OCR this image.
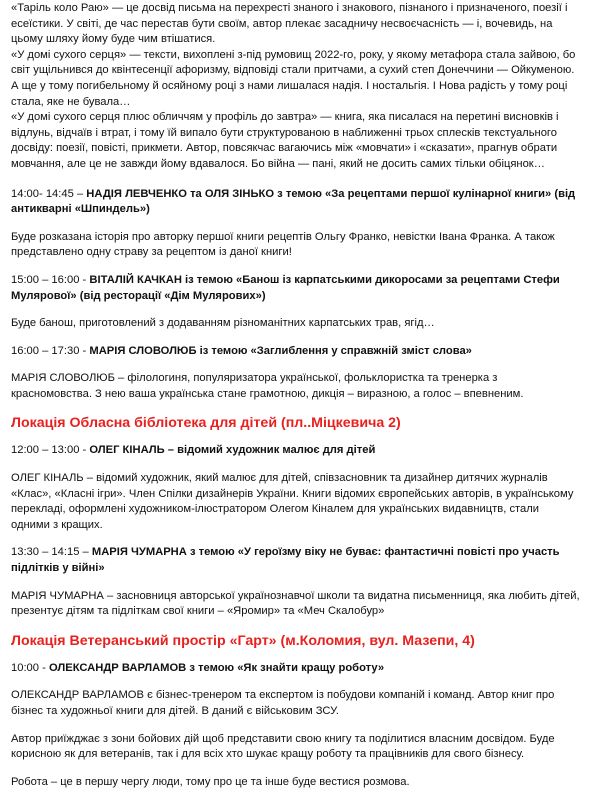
«Таріль коло Раю» — це досвід письма на перехресті знаного і знакового, пізнаного і призначеного, поезії і есеїстики. У світі, де час перестав бути своїм, автор плекає засадничу несвоєчасність — і, вочевидь, на цьому шляху йому буде чим втішатися.

«У домі сухого серця» — тексти, вихоплені з-під румовищ 2022-го, року, у якому метафора стала зайвою, бо світ ущільнився до квінтесенції афоризму, відповіді стали притчами, а сухий степ Донеччини — Ойкуменою. А ще у тому погибельному й осяйному році з нами лишалася надія. І ностальгія. І Нова радість у тому році стала, яке не бувала…

«У домі сухого серця плюс обличчям у профіль до завтра» — книга, яка писалася на перетині висновків і відлунь, відчаїв і втрат, і тому їй випало бути структурованою в наближенні трьох сплесків текстуального досвіду: поезії, повісті, прикмети. Автор, повсякчас вагаючись між «мовчати» і «сказати», прагнув обрати мовчання, але це не завжди йому вдавалося. Бо війна — пані, який не досить самих тільки обіцянок…

14:00- 14:45 – НАДІЯ ЛЕВЧЕНКО та ОЛЯ ЗІНЬКО з темою «За рецептами першої кулінарної книги» (від антикварні «Шпиндель»)

Буде розказана історія про авторку першої книги рецептів Ольгу Франко, невістки Івана Франка. А також представлено одну страву за рецептом із даної книги!

15:00 – 16:00 - ВІТАЛІЙ КАЧКАН із темою «Банош із карпатськими дикоросами за рецептами Стефи Мулярової» (від ресторації «Дім Мулярових»)

Буде банош, приготовлений з додаванням різноманітних карпатських трав, ягід…

16:00 – 17:30 - МАРІЯ СЛОВОЛЮБ із темою «Заглиблення у справжній зміст слова»

МАРІЯ СЛОВОЛЮБ – філологиня, популяризатора української, фольклористка та тренерка з красномовства. З нею ваша українська стане грамотною, дикція – виразною, а голос – впевненим.

Локація Обласна бібліотека для дітей (пл..Міцкевича 2)

12:00 – 13:00 - ОЛЕГ КІНАЛЬ – відомий художник малює для дітей

ОЛЕГ КІНАЛЬ – відомий художник, який малює для дітей, співзасновник та дизайнер дитячих журналів «Клас», «Класні ігри». Член Спілки дизайнерів України. Книги відомих європейських авторів, в українському перекладі, оформлені художником-ілюстратором Олегом Кіналем для українських видавництв, стали одними з кращих.

13:30 – 14:15 – МАРІЯ ЧУМАРНА з темою «У героїзму віку не буває: фантастичні повісті про участь підлітків у війні»

МАРІЯ ЧУМАРНА – засновниця авторської українознавчої школи та видатна письменниця, яка любить дітей, презентує дітям та підліткам свої книги – «Яромир» та «Меч Скалобур»

Локація Ветеранський простір «Гарт» (м.Коломия, вул. Мазепи, 4)

10:00 - ОЛЕКСАНДР ВАРЛАМОВ з темою «Як знайти кращу роботу»

ОЛЕКСАНДР ВАРЛАМОВ є бізнес-тренером та експертом із побудови компаній і команд. Автор книг про бізнес та художньої книги для дітей. В даний є військовим ЗСУ.

Автор приїжджає з зони бойових дій щоб представити свою книгу та поділитися власним досвідом. Буде корисною як для ветеранів, так і для всіх хто шукає кращу роботу та працівників для свого бізнесу.

Робота – це в першу чергу люди, тому про це та інше буде вестися розмова.
